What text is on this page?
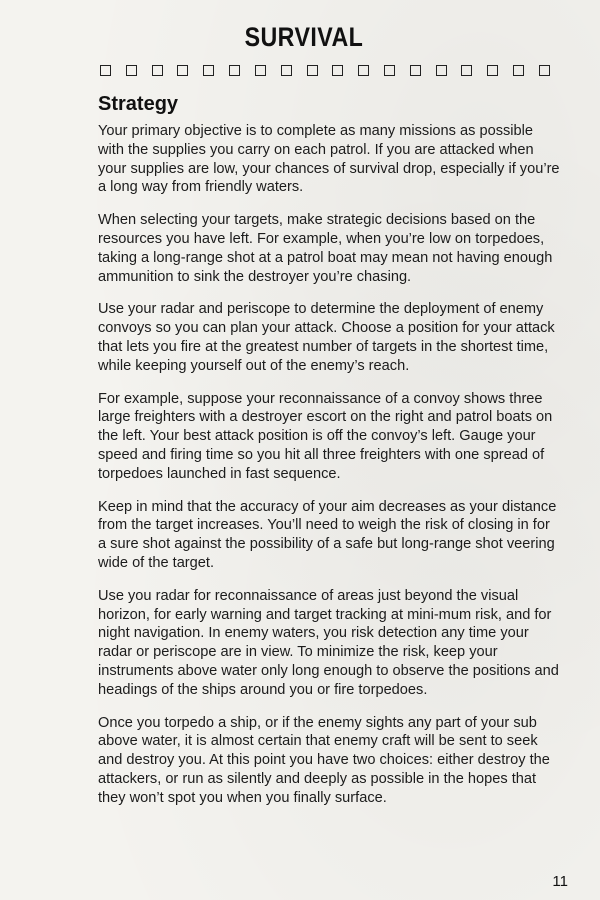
SURVIVAL
Strategy

Your primary objective is to complete as many missions as possible with the supplies you carry on each patrol. If you are attacked when your supplies are low, your chances of survival drop, especially if you’re a long way from friendly waters.

When selecting your targets, make strategic decisions based on the resources you have left. For example, when you’re low on torpedoes, taking a long-range shot at a patrol boat may mean not having enough ammunition to sink the destroyer you’re chasing.

Use your radar and periscope to determine the deployment of enemy convoys so you can plan your attack. Choose a position for your attack that lets you fire at the greatest number of targets in the shortest time, while keeping yourself out of the enemy’s reach.

For example, suppose your reconnaissance of a convoy shows three large freighters with a destroyer escort on the right and patrol boats on the left. Your best attack position is off the convoy’s left. Gauge your speed and firing time so you hit all three freighters with one spread of torpedoes launched in fast sequence.

Keep in mind that the accuracy of your aim decreases as your distance from the target increases. You’ll need to weigh the risk of closing in for a sure shot against the possibility of a safe but long-range shot veering wide of the target.

Use you radar for reconnaissance of areas just beyond the visual horizon, for early warning and target tracking at mini-mum risk, and for night navigation. In enemy waters, you risk detection any time your radar or periscope are in view. To minimize the risk, keep your instruments above water only long enough to observe the positions and headings of the ships around you or fire torpedoes.

Once you torpedo a ship, or if the enemy sights any part of your sub above water, it is almost certain that enemy craft will be sent to seek and destroy you. At this point you have two choices: either destroy the attackers, or run as silently and deeply as possible in the hopes that they won’t spot you when you finally surface.

11
